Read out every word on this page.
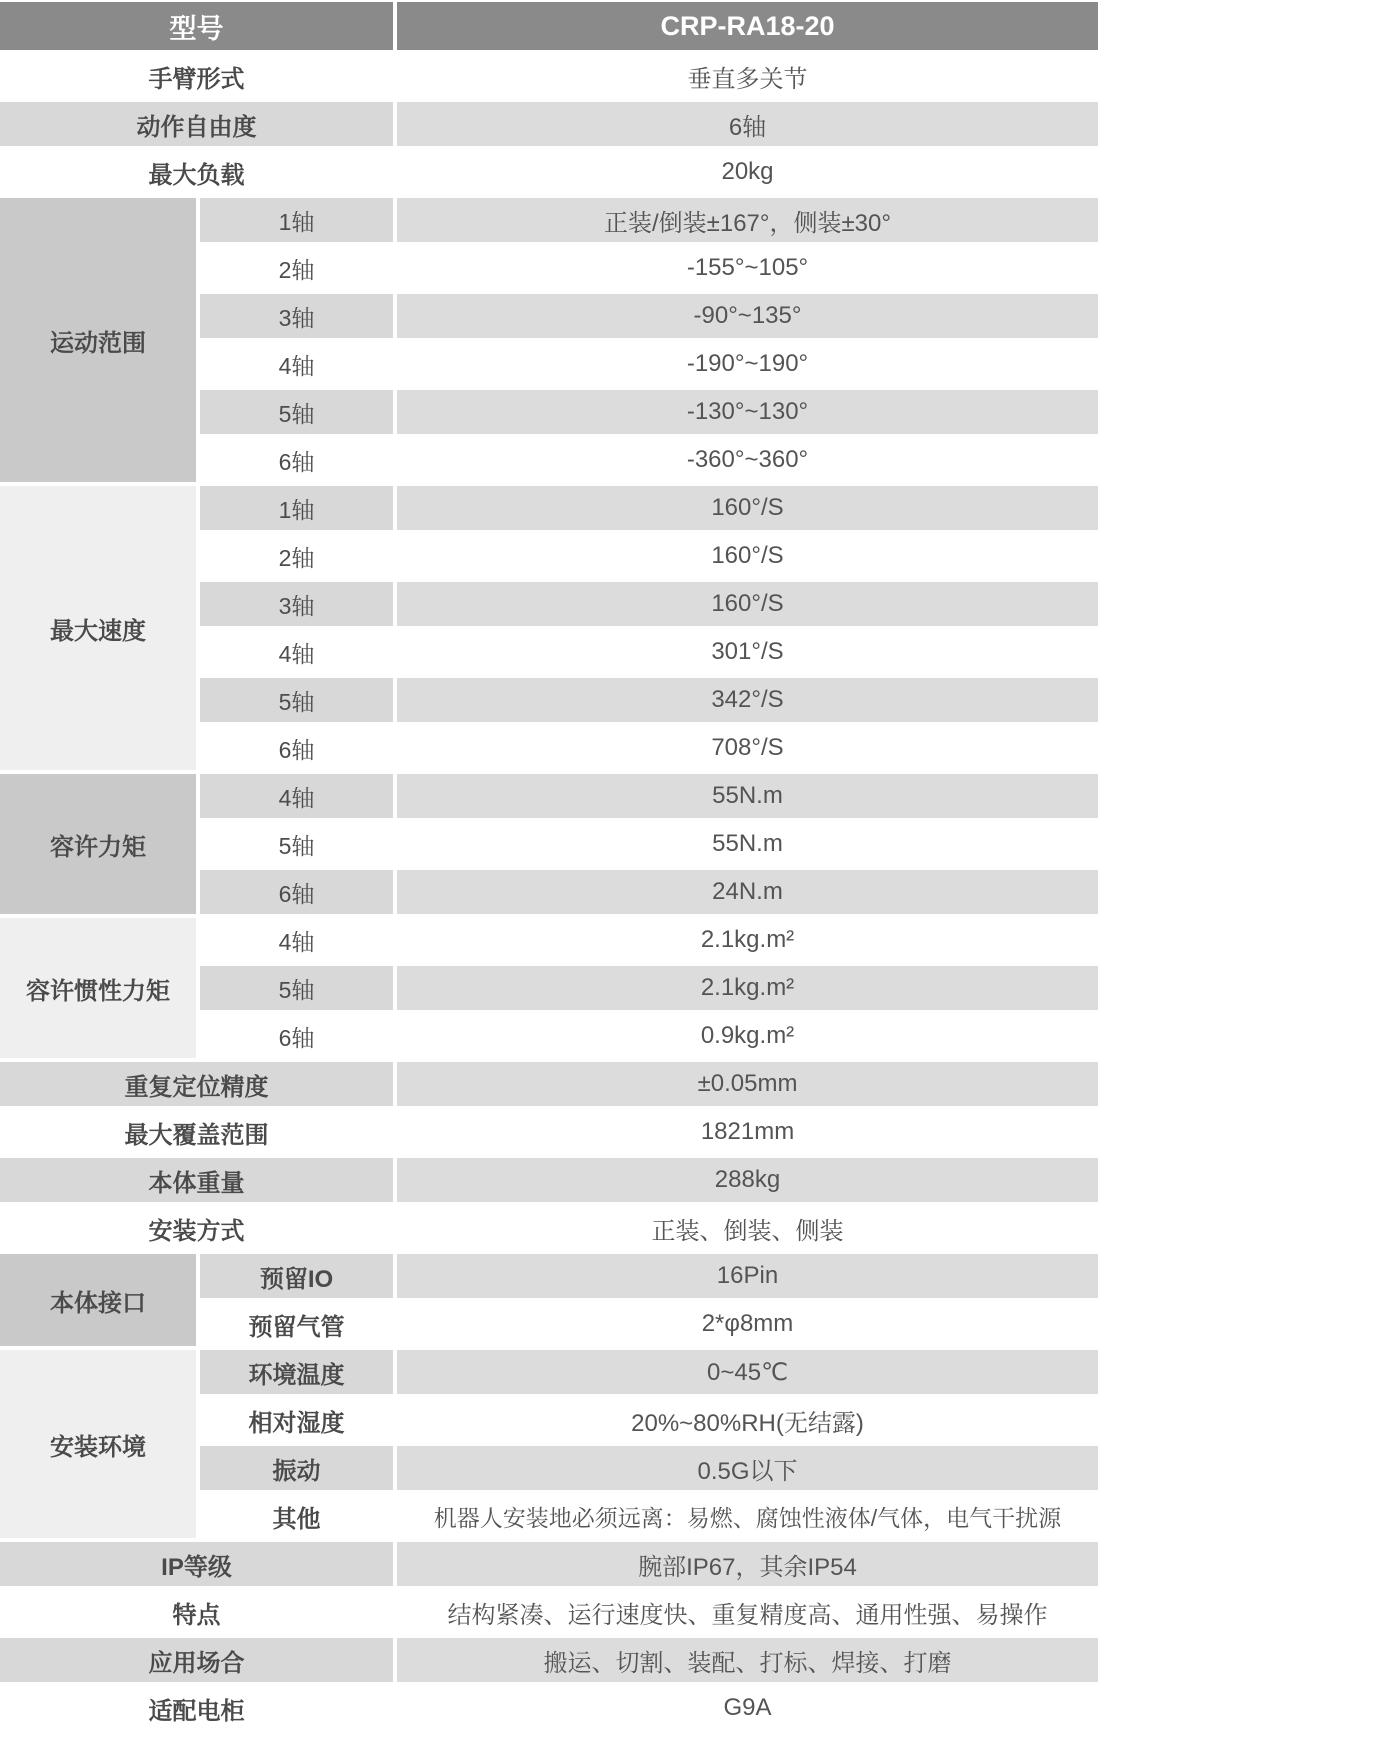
型号		CRP-RA18-20
手臂形式		垂直多关节
动作自由度		6轴
最大负载		20kg
运动范围	1轴	正装/倒装±167°，侧装±30°
	2轴	-155°~105°
	3轴	-90°~135°
	4轴	-190°~190°
	5轴	-130°~130°
	6轴	-360°~360°
最大速度	1轴	160°/S
	2轴	160°/S
	3轴	160°/S
	4轴	301°/S
	5轴	342°/S
	6轴	708°/S
容许力矩	4轴	55N.m
	5轴	55N.m
	6轴	24N.m
容许惯性力矩	4轴	2.1kg.m²
	5轴	2.1kg.m²
	6轴	0.9kg.m²
重复定位精度		±0.05mm
最大覆盖范围		1821mm
本体重量		288kg
安装方式		正装、倒装、侧装
本体接口	预留IO	16Pin
	预留气管	2*φ8mm
安装环境	环境温度	0~45℃
	相对湿度	20%~80%RH(无结露)
	振动	0.5G以下
	其他	机器人安装地必须远离：易燃、腐蚀性液体/气体，电气干扰源
IP等级		腕部IP67，其余IP54
特点		结构紧凑、运行速度快、重复精度高、通用性强、易操作
应用场合		搬运、切割、装配、打标、焊接、打磨
适配电柜		G9A
